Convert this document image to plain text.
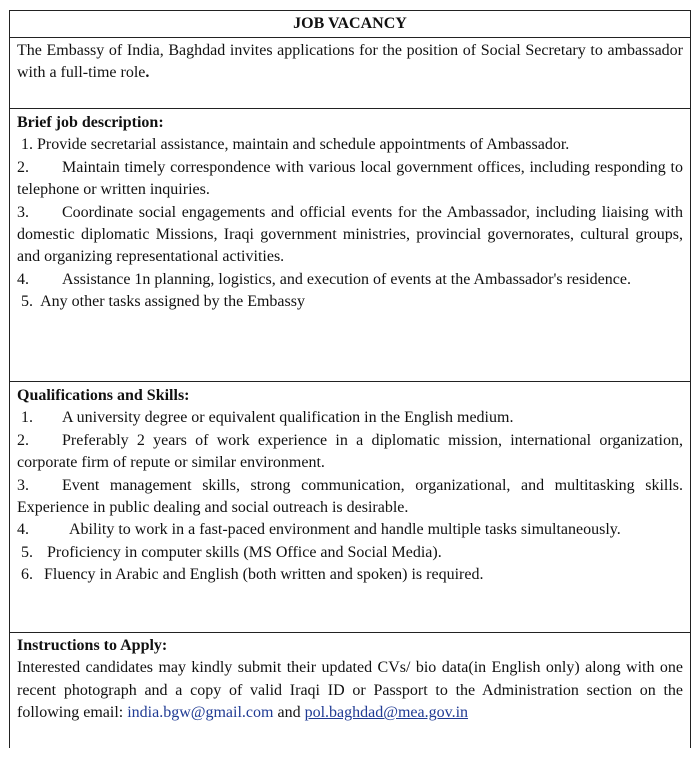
JOB VACANCY
The Embassy of India, Baghdad invites applications for the position of Social Secretary to ambassador with a full-time role.
Brief job description:
1. Provide secretarial assistance, maintain and schedule appointments of Ambassador.
2. Maintain timely correspondence with various local government offices, including responding to telephone or written inquiries.
3. Coordinate social engagements and official events for the Ambassador, including liaising with domestic diplomatic Missions, Iraqi government ministries, provincial governorates, cultural groups, and organizing representational activities.
4. Assistance 1n planning, logistics, and execution of events at the Ambassador's residence.
5. Any other tasks assigned by the Embassy
Qualifications and Skills:
1. A university degree or equivalent qualification in the English medium.
2. Preferably 2 years of work experience in a diplomatic mission, international organization, corporate firm of repute or similar environment.
3. Event management skills, strong communication, organizational, and multitasking skills. Experience in public dealing and social outreach is desirable.
4.	Ability to work in a fast-paced environment and handle multiple tasks simultaneously.
5. Proficiency in computer skills (MS Office and Social Media).
6. Fluency in Arabic and English (both written and spoken) is required.
Instructions to Apply:
Interested candidates may kindly submit their updated CVs/ bio data(in English only) along with one recent photograph and a copy of valid Iraqi ID or Passport to the Administration section on the following email: india.bgw@gmail.com and pol.baghdad@mea.gov.in
